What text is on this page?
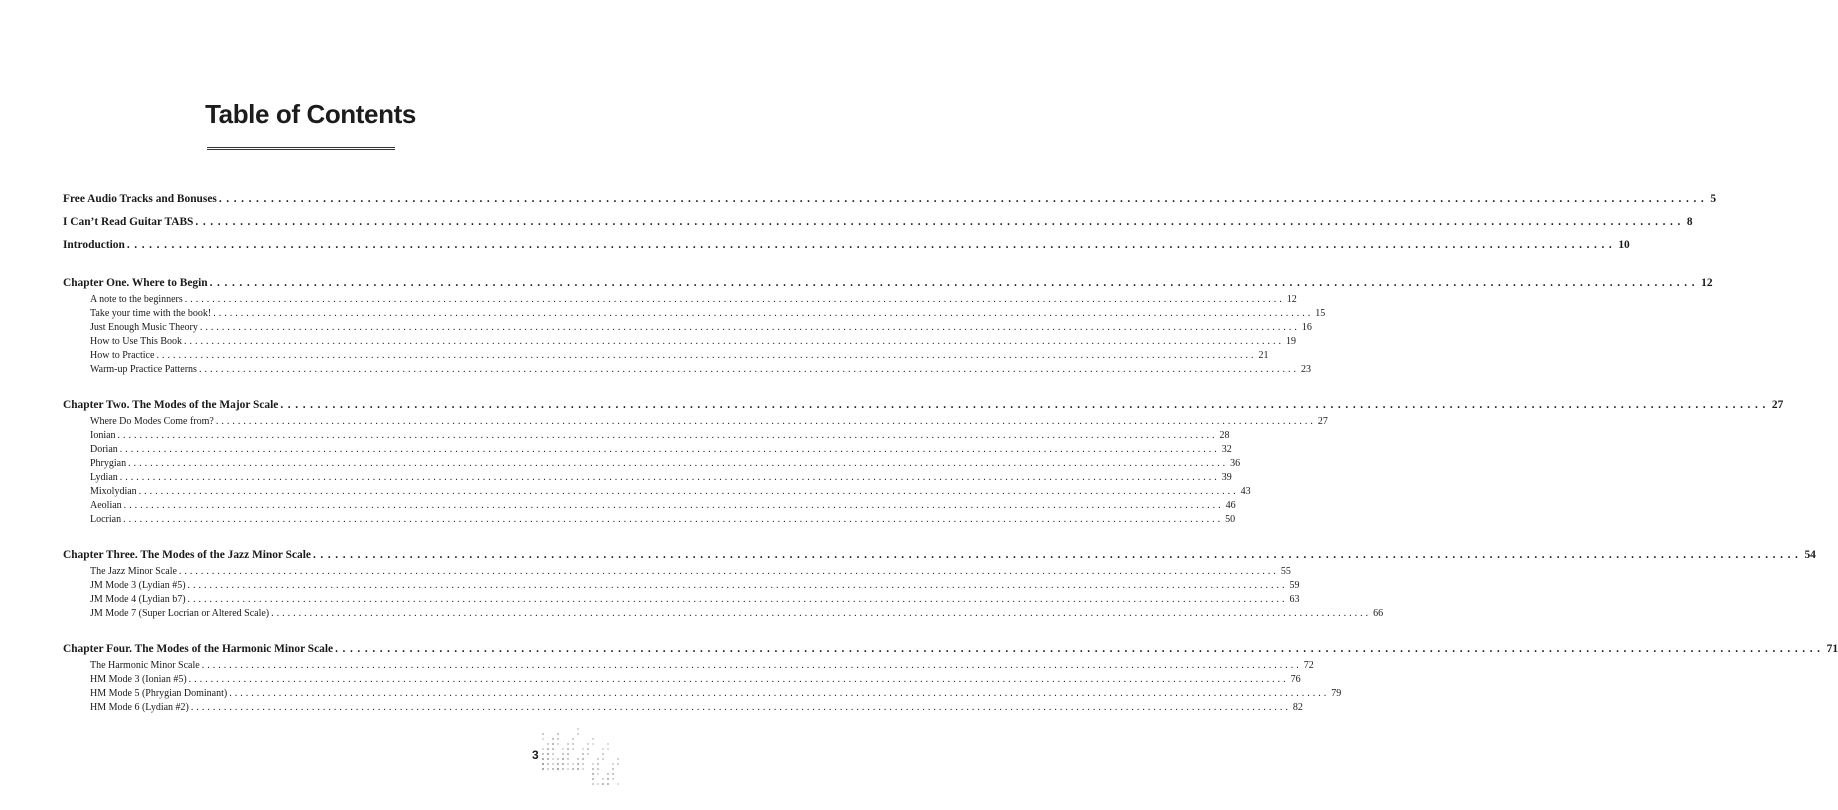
Table of Contents
Free Audio Tracks and Bonuses ........................................................................................................................................................................................................ 5
I Can’t Read Guitar TABS ........................................................................................................................................................................................................ 8
Introduction ........................................................................................................................................................................................................ 10
Chapter One. Where to Begin ........................................................................................................................................................................................................ 12
A note to the beginners ........................................................................................................................................................................................................ 12
Take your time with the book! ........................................................................................................................................................................................................ 15
Just Enough Music Theory ........................................................................................................................................................................................................ 16
How to Use This Book ........................................................................................................................................................................................................ 19
How to Practice ........................................................................................................................................................................................................ 21
Warm-up Practice Patterns ........................................................................................................................................................................................................ 23
Chapter Two. The Modes of the Major Scale ........................................................................................................................................................................................................ 27
Where Do Modes Come from? ........................................................................................................................................................................................................ 27
Ionian ........................................................................................................................................................................................................ 28
Dorian ........................................................................................................................................................................................................ 32
Phrygian ........................................................................................................................................................................................................ 36
Lydian ........................................................................................................................................................................................................ 39
Mixolydian ........................................................................................................................................................................................................ 43
Aeolian ........................................................................................................................................................................................................ 46
Locrian ........................................................................................................................................................................................................ 50
Chapter Three. The Modes of the Jazz Minor Scale ........................................................................................................................................................................................................ 54
The Jazz Minor Scale ........................................................................................................................................................................................................ 55
JM Mode 3 (Lydian #5) ........................................................................................................................................................................................................ 59
JM Mode 4 (Lydian b7) ........................................................................................................................................................................................................ 63
JM Mode 7 (Super Locrian or Altered Scale) ........................................................................................................................................................................................................ 66
Chapter Four. The Modes of the Harmonic Minor Scale ........................................................................................................................................................................................................ 71
The Harmonic Minor Scale ........................................................................................................................................................................................................ 72
HM Mode 3 (Ionian #5) ........................................................................................................................................................................................................ 76
HM Mode 5 (Phrygian Dominant) ........................................................................................................................................................................................................ 79
HM Mode 6 (Lydian #2) ........................................................................................................................................................................................................ 82
3
